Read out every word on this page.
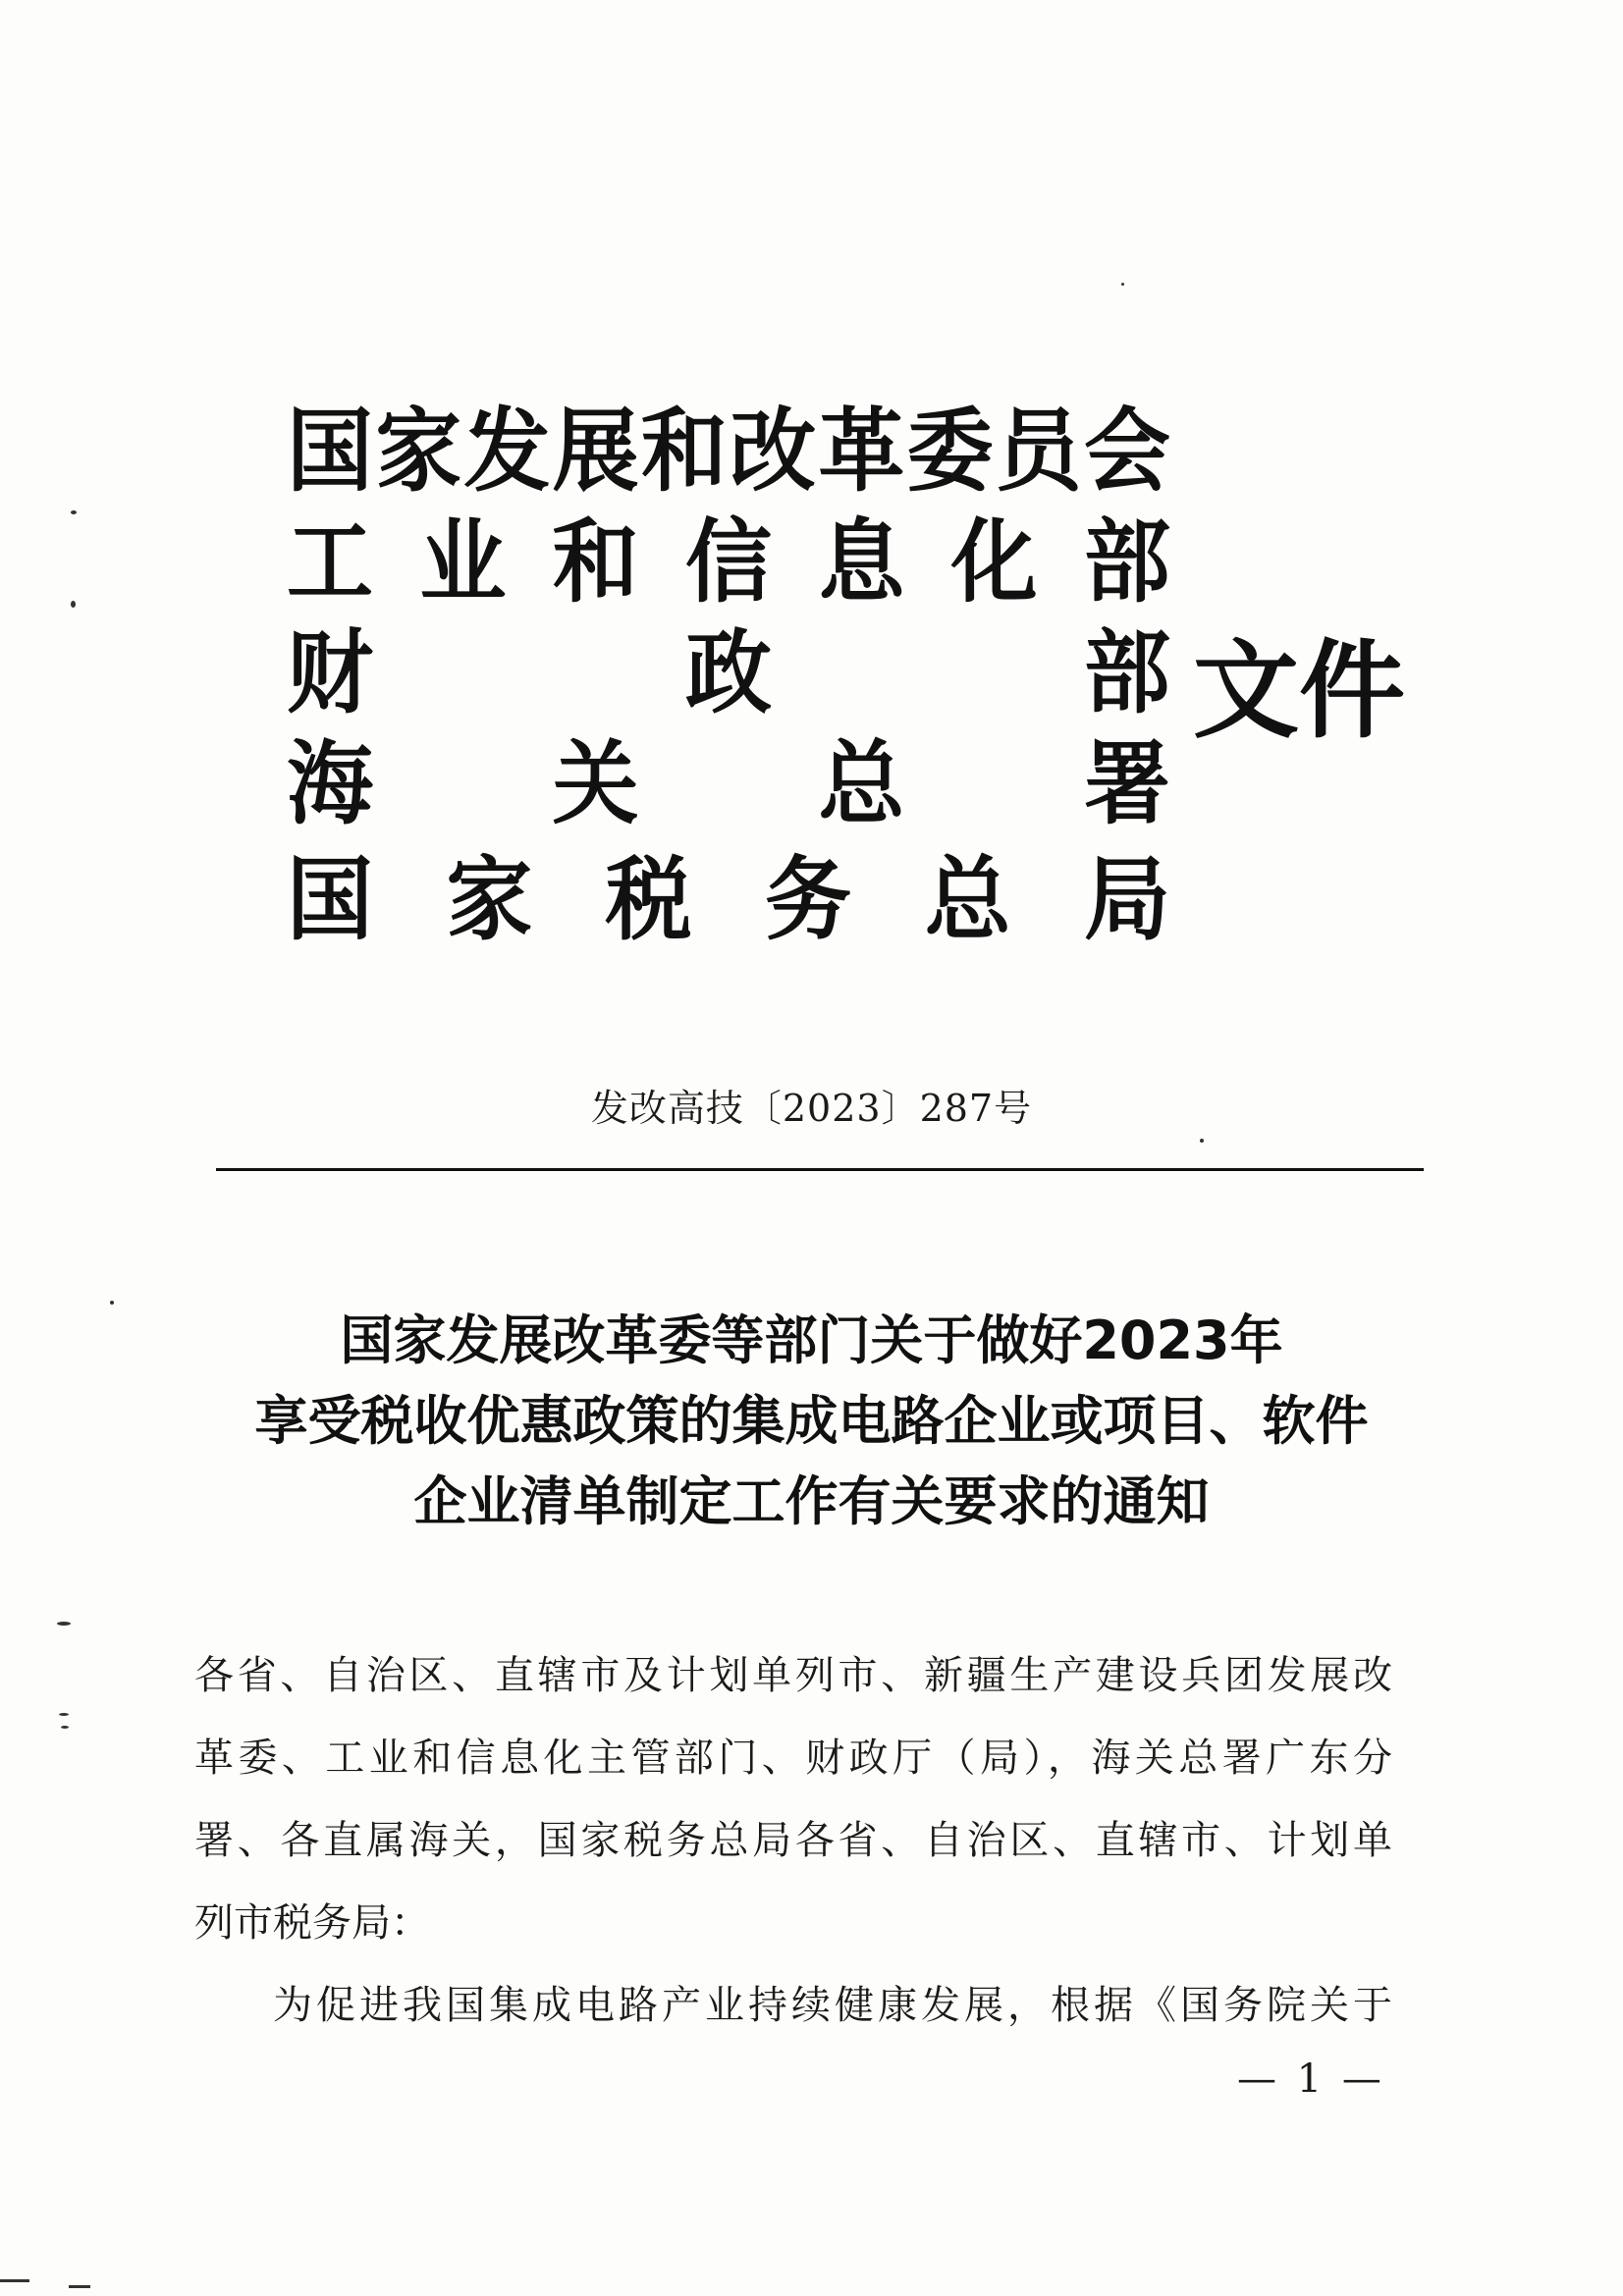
国 家 发 展 和 改 革 委 员 会
工 业 和 信 息 化 部
财	政	部
海 关 总 署
国 家 税 务 总 局
文件
发改高技〔2023〕287号
国家发展改革委等部门关于做好2023年
享受税收优惠政策的集成电路企业或项目、软件
企业清单制定工作有关要求的通知

各省、自治区、直辖市及计划单列市、新疆生产建设兵团发展改
革委、工业和信息化主管部门、财政厅（局），海关总署广东分
署、各直属海关，国家税务总局各省、自治区、直辖市、计划单
列市税务局：

为促进我国集成电路产业持续健康发展，根据《国务院关于

— 1 —
